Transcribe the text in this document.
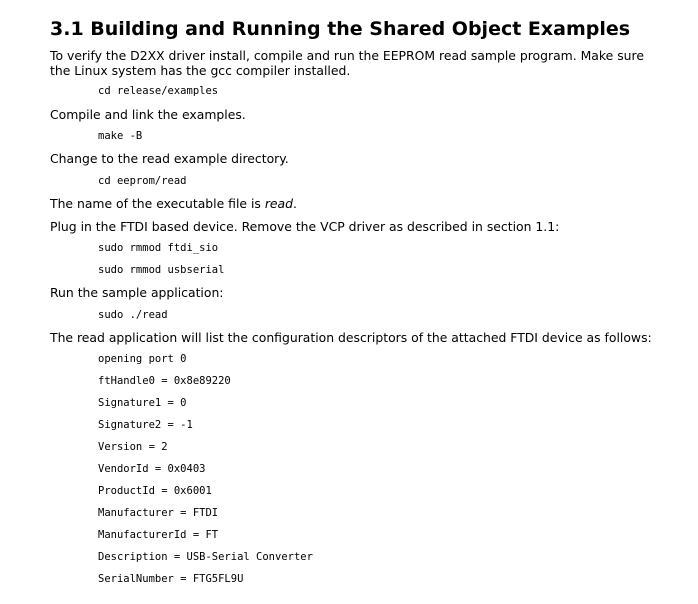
3.1 Building and Running the Shared Object Examples

To verify the D2XX driver install, compile and run the EEPROM read sample program. Make sure

the Linux system has the gcc compiler installed.

cd release/examples

Compile and link the examples.

make -B

Change to the read example directory.

cd eeprom/read

The name of the executable file is read.

Plug in the FTDI based device. Remove the VCP driver as described in section 1.1:

sudo rmmod ftdi_sio
sudo rmmod usbserial

Run the sample application:

sudo ./read

The read application will list the configuration descriptors of the attached FTDI device as follows:

opening port 0
ftHandle0 = 0x8e89220
Signature1 = 0
Signature2 = -1
Version = 2
VendorId = 0x0403
ProductId = 0x6001
Manufacturer = FTDI
ManufacturerId = FT
Description = USB-Serial Converter
SerialNumber = FTG5FL9U
